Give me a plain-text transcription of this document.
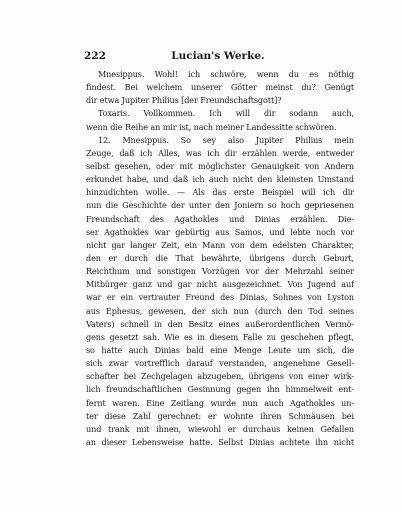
222	Lucian's Werke.
Mnesippus. Wohl! ich schwöre, wenn du es nöthig
findest. Bei welchem unserer Götter meinst du? Genügt
dir etwa Jupiter Philius [der Freundschaftsgott]?
Toxaris. Vollkommen. Ich will dir sodann auch,
wenn die Reihe an mir ist, nach meiner Landessitte schwören.
12. Mnesippus. So sey also Jupiter Philius mein
Zeuge, daß ich Alles, was ich dir erzählen werde, entweder
selbst gesehen, oder mit möglichster Genauigkeit von Andern
erkundet habe, und daß ich auch nicht den kleinsten Umstand
hinzudichten wolle. — Als das erste Beispiel will ich dir
nun die Geschichte der unter den Joniern so hoch gepriesenen
Freundschaft des Agathokles und Dinias erzählen. Die-
ser Agathokles war gebürtig aus Samos, und lebte noch vor
nicht gar langer Zeit, ein Mann von dem edelsten Charakter,
den er durch die That bewährte, übrigens durch Geburt,
Reichthum und sonstigen Vorzügen vor der Mehrzahl seiner
Mitbürger ganz und gar nicht ausgezeichnet. Von Jugend auf
war er ein vertrauter Freund des Dinias, Sohnes von Lyston
aus Ephesus, gewesen, der sich nun (durch den Tod seines
Vaters) schnell in den Besitz eines außerordentlichen Vermö-
gens gesetzt sah. Wie es in diesem Falle zu geschehen pflegt,
so hatte auch Dinias bald eine Menge Leute um sich, die
sich zwar vortrefflich darauf verstanden, angenehme Gesell-
schafter bei Zechgelagen abzugeben, übrigens von einer wirk-
lich freundschaftlichen Gesinnung gegen ihn himmelweit ent-
fernt waren. Eine Zeitlang wurde nun auch Agathokles un-
ter diese Zahl gerechnet: er wohnte ihren Schmäusen bei
und trank mit ihnen, wiewohl er durchaus keinen Gefallen
an dieser Lebensweise hatte. Selbst Dinias achtete ihn nicht
